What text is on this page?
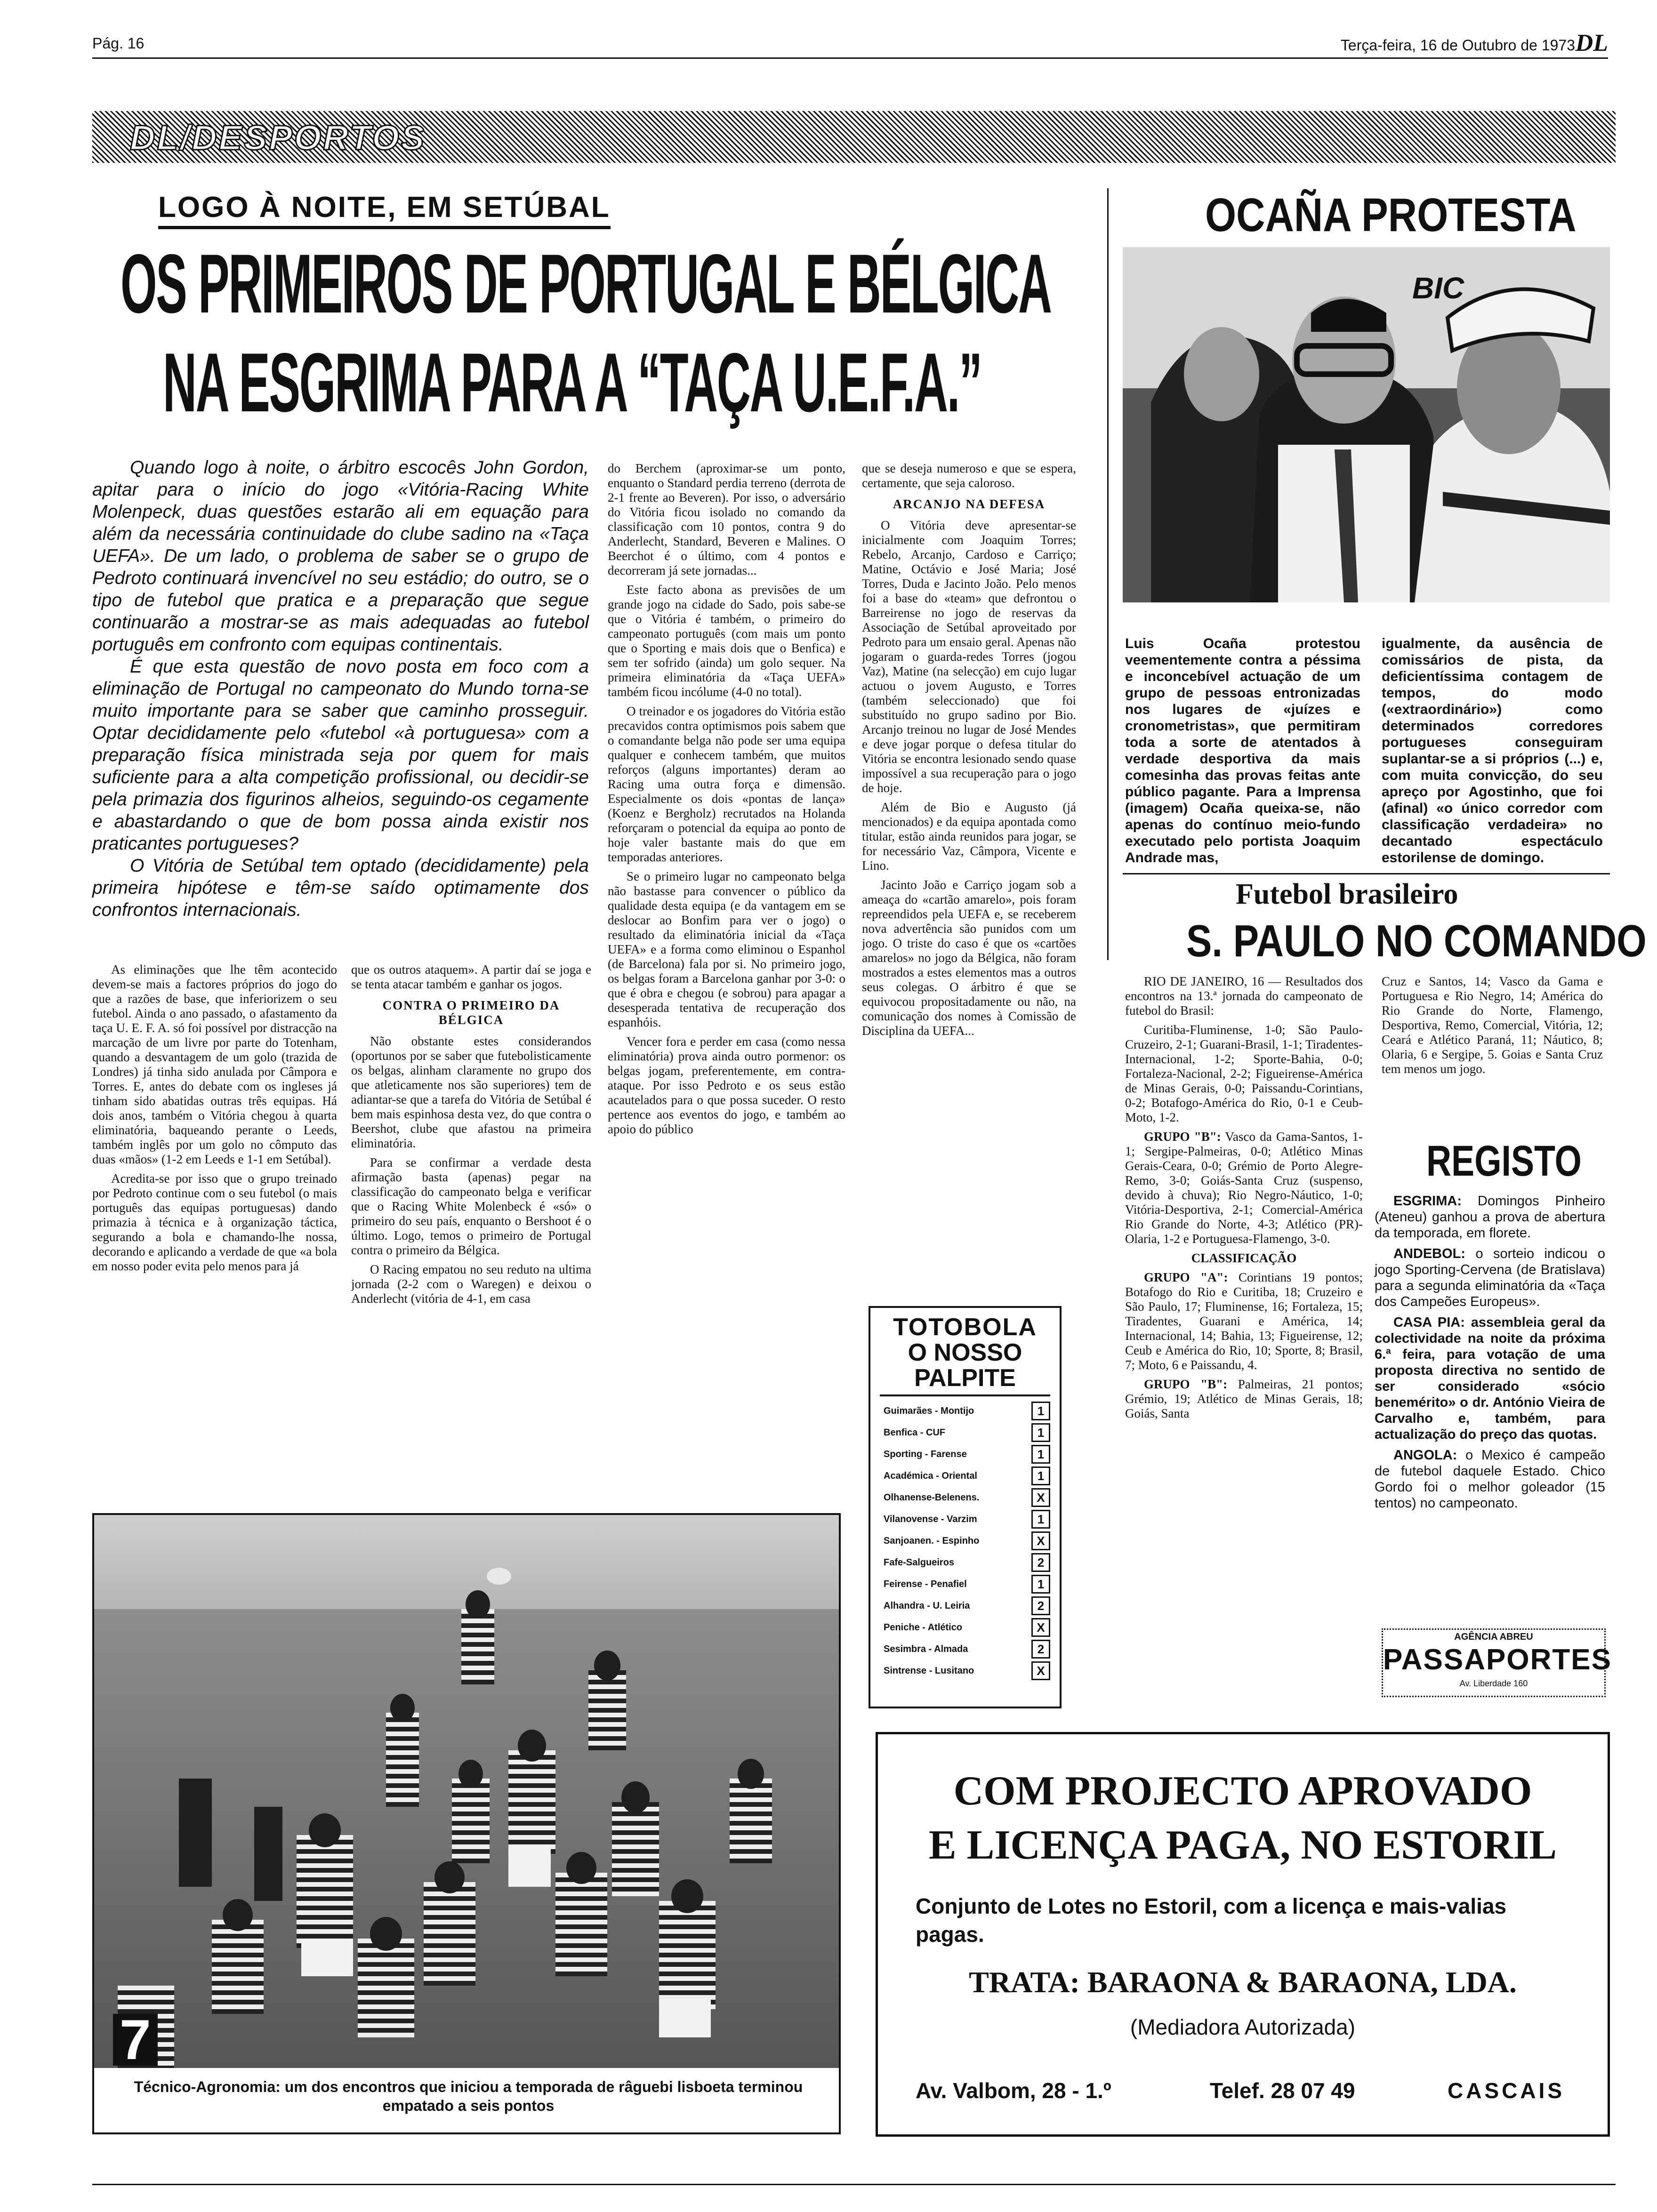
Pág. 16	Terça-feira, 16 de Outubro de 1973 DL
DL/DESPORTOS
LOGO À NOITE, EM SETÚBAL
OS PRIMEIROS DE PORTUGAL E BÉLGICA
NA ESGRIMA PARA A “TAÇA U.E.F.A.”

Quando logo à noite, o árbitro escocês John Gordon, apitar para o início do jogo «Vitória-Racing White Molenpeck, duas questões estarão ali em equação para além da necessária continuidade do clube sadino na «Taça UEFA». De um lado, o problema de saber se o grupo de Pedroto continuará invencível no seu estádio; do outro, se o tipo de futebol que pratica e a preparação que segue continuarão a mostrar-se as mais adequadas ao futebol português em confronto com equipas continentais.

É que esta questão de novo posta em foco com a eliminação de Portugal no campeonato do Mundo torna-se muito importante para se saber que caminho prosseguir. Optar decididamente pelo «futebol «à portuguesa» com a preparação física ministrada seja por quem for mais suficiente para a alta competição profissional, ou decidir-se pela primazia dos figurinos alheios, seguindo-os cegamente e abastardando o que de bom possa ainda existir nos praticantes portugueses?

O Vitória de Setúbal tem optado (decididamente) pela primeira hipótese e têm-se saído optimamente dos confrontos internacionais.

As eliminações que lhe têm acontecido devem-se mais a factores próprios do jogo do que a razões de base, que inferiorizem o seu futebol. Ainda o ano passado, o afastamento da taça U. E. F. A. só foi possível por distracção na marcação de um livre por parte do Totenham, quando a desvantagem de um golo (trazida de Londres) já tinha sido anulada por Câmpora e Torres. E, antes do debate com os ingleses já tinham sido abatidas outras três equipas. Há dois anos, também o Vitória chegou à quarta eliminatória, baqueando perante o Leeds, também inglês por um golo no cômputo das duas «mãos» (1-2 em Leeds e 1-1 em Setúbal).

Acredita-se por isso que o grupo treinado por Pedroto continue com o seu futebol (o mais português das equipas portuguesas) dando primazia à técnica e à organização táctica, segurando a bola e chamando-lhe nossa, decorando e aplicando a verdade de que «a bola em nosso poder evita pelo menos para já

que os outros ataquem». A partir daí se joga e se tenta atacar também e ganhar os jogos.

CONTRA O PRIMEIRO DA BÉLGICA

Não obstante estes considerandos (oportunos por se saber que futebolisticamente os belgas, alinham claramente no grupo dos que atleticamente nos são superiores) tem de adiantar-se que a tarefa do Vitória de Setúbal é bem mais espinhosa desta vez, do que contra o Beershot, clube que afastou na primeira eliminatória.

Para se confirmar a verdade desta afirmação basta (apenas) pegar na classificação do campeonato belga e verificar que o Racing White Molenbeck é «só» o primeiro do seu país, enquanto o Bershoot é o último. Logo, temos o primeiro de Portugal contra o primeiro da Bélgica.

O Racing empatou no seu reduto na ultima jornada (2-2 com o Waregen) e deixou o Anderlecht (vitória de 4-1, em casa

do Berchem (aproximar-se um ponto, enquanto o Standard perdia terreno (derrota de 2-1 frente ao Beveren). Por isso, o adversário do Vitória ficou isolado no comando da classificação com 10 pontos, contra 9 do Anderlecht, Standard, Beveren e Malines. O Beerchot é o último, com 4 pontos e decorreram já sete jornadas...

Este facto abona as previsões de um grande jogo na cidade do Sado, pois sabe-se que o Vitória é também, o primeiro do campeonato português (com mais um ponto que o Sporting e mais dois que o Benfica) e sem ter sofrido (ainda) um golo sequer. Na primeira eliminatória da «Taça UEFA» também ficou incólume (4-0 no total).

O treinador e os jogadores do Vitória estão precavidos contra optimismos pois sabem que o comandante belga não pode ser uma equipa qualquer e conhecem também, que muitos reforços (alguns importantes) deram ao Racing uma outra força e dimensão. Especialmente os dois «pontas de lança» (Koenz e Bergholz) recrutados na Holanda reforçaram o potencial da equipa ao ponto de hoje valer bastante mais do que em temporadas anteriores.

Se o primeiro lugar no campeonato belga não bastasse para convencer o público da qualidade desta equipa (e da vantagem em se deslocar ao Bonfim para ver o jogo) o resultado da eliminatória inicial da «Taça UEFA» e a forma como eliminou o Espanhol (de Barcelona) fala por si. No primeiro jogo, os belgas foram a Barcelona ganhar por 3-0: o que é obra e chegou (e sobrou) para apagar a desesperada tentativa de recuperação dos espanhóis.

Vencer fora e perder em casa (como nessa eliminatória) prova ainda outro pormenor: os belgas jogam, preferentemente, em contra-ataque. Por isso Pedroto e os seus estão acautelados para o que possa suceder. O resto pertence aos eventos do jogo, e também ao apoio do público

que se deseja numeroso e que se espera, certamente, que seja caloroso.

ARCANJO NA DEFESA

O Vitória deve apresentar-se inicialmente com Joaquim Torres; Rebelo, Arcanjo, Cardoso e Carriço; Matine, Octávio e José Maria; José Torres, Duda e Jacinto João. Pelo menos foi a base do «team» que defrontou o Barreirense no jogo de reservas da Associação de Setúbal aproveitado por Pedroto para um ensaio geral. Apenas não jogaram o guarda-redes Torres (jogou Vaz), Matine (na selecção) em cujo lugar actuou o jovem Augusto, e Torres (também seleccionado) que foi substituído no grupo sadino por Bio. Arcanjo treinou no lugar de José Mendes e deve jogar porque o defesa titular do Vitória se encontra lesionado sendo quase impossível a sua recuperação para o jogo de hoje.

Além de Bio e Augusto (já mencionados) e da equipa apontada como titular, estão ainda reunidos para jogar, se for necessário Vaz, Câmpora, Vicente e Lino.

Jacinto João e Carriço jogam sob a ameaça do «cartão amarelo», pois foram repreendidos pela UEFA e, se receberem nova advertência são punidos com um jogo. O triste do caso é que os «cartões amarelos» no jogo da Bélgica, não foram mostrados a estes elementos mas a outros seus colegas. O árbitro é que se equivocou propositadamente ou não, na comunicação dos nomes à Comissão de Disciplina da UEFA...

TOTOBOLA
O NOSSO
PALPITE
Guimarães - Montijo	1
Benfica - CUF	1
Sporting - Farense	1
Académica - Oriental	1
Olhanense-Belenens.	X
Vilanovense - Varzim	1
Sanjoanen. - Espinho	X
Fafe-Salgueiros	2
Feirense - Penafiel	1
Alhandra - U. Leiria	2
Peniche - Atlético	X
Sesimbra - Almada	2
Sintrense - Lusitano	X
7
Técnico-Agronomia: um dos encontros que iniciou a temporada de râguebi lisboeta terminou empatado a seis pontos
OCAÑA PROTESTA
BIC
Luis Ocaña protestou veementemente contra a péssima e inconcebível actuação de um grupo de pessoas entronizadas nos lugares de «juízes e cronometristas», que permitiram toda a sorte de atentados à verdade desportiva da mais comesinha das provas feitas ante público pagante. Para a Imprensa (imagem) Ocaña queixa-se, não apenas do contínuo meio-fundo executado pelo portista Joaquim Andrade mas,
igualmente, da ausência de comissários de pista, da deficientíssima contagem de tempos, do modo («extraordinário») como determinados corredores portugueses conseguiram suplantar-se a si próprios (...) e, com muita convicção, do seu apreço por Agostinho, que foi (afinal) «o único corredor com classificação verdadeira» no decantado espectáculo estorilense de domingo.
Futebol brasileiro
S. PAULO NO COMANDO

RIO DE JANEIRO, 16 — Resultados dos encontros na 13.ª jornada do campeonato de futebol do Brasil:

Curitiba-Fluminense, 1-0; São Paulo-Cruzeiro, 2-1; Guarani-Brasil, 1-1; Tiradentes-Internacional, 1-2; Sporte-Bahia, 0-0; Fortaleza-Nacional, 2-2; Figueirense-América de Minas Gerais, 0-0; Paissandu-Corintians, 0-2; Botafogo-América do Rio, 0-1 e Ceub-Moto, 1-2.

GRUPO "B": Vasco da Gama-Santos, 1-1; Sergipe-Palmeiras, 0-0; Atlético Minas Gerais-Ceara, 0-0; Grémio de Porto Alegre-Remo, 3-0; Goiás-Santa Cruz (suspenso, devido à chuva); Rio Negro-Náutico, 1-0; Vitória-Desportiva, 2-1; Comercial-América Rio Grande do Norte, 4-3; Atlético (PR)-Olaria, 1-2 e Portuguesa-Flamengo, 3-0.

CLASSIFICAÇÃO

GRUPO "A": Corintians 19 pontos; Botafogo do Rio e Curitiba, 18; Cruzeiro e São Paulo, 17; Fluminense, 16; Fortaleza, 15; Tiradentes, Guarani e América, 14; Internacional, 14; Bahia, 13; Figueirense, 12; Ceub e América do Rio, 10; Sporte, 8; Brasil, 7; Moto, 6 e Paissandu, 4.

GRUPO "B": Palmeiras, 21 pontos; Grémio, 19; Atlético de Minas Gerais, 18; Goiás, Santa

Cruz e Santos, 14; Vasco da Gama e Portuguesa e Rio Negro, 14; América do Rio Grande do Norte, Flamengo, Desportiva, Remo, Comercial, Vitória, 12; Ceará e Atlético Paraná, 11; Náutico, 8; Olaria, 6 e Sergipe, 5. Goias e Santa Cruz tem menos um jogo.

REGISTO

ESGRIMA: Domingos Pinheiro (Ateneu) ganhou a prova de abertura da temporada, em florete.

ANDEBOL: o sorteio indicou o jogo Sporting-Cervena (de Bratislava) para a segunda eliminatória da «Taça dos Campeões Europeus».

CASA PIA: assembleia geral da colectividade na noite da próxima 6.ª feira, para votação de uma proposta directiva no sentido de ser considerado «sócio benemérito» o dr. António Vieira de Carvalho e, também, para actualização do preço das quotas.

ANGOLA: o Mexico é campeão de futebol daquele Estado. Chico Gordo foi o melhor goleador (15 tentos) no campeonato.

AGÊNCIA ABREU
PASSAPORTES
Av. Liberdade 160
COM PROJECTO APROVADO
E LICENÇA PAGA, NO ESTORIL
Conjunto de Lotes no Estoril, com a licença e mais-valias pagas.
TRATA: BARAONA & BARAONA, LDA.
(Mediadora Autorizada)
Av. Valbom, 28 - 1.º	Telef. 28 07 49	CASCAIS
